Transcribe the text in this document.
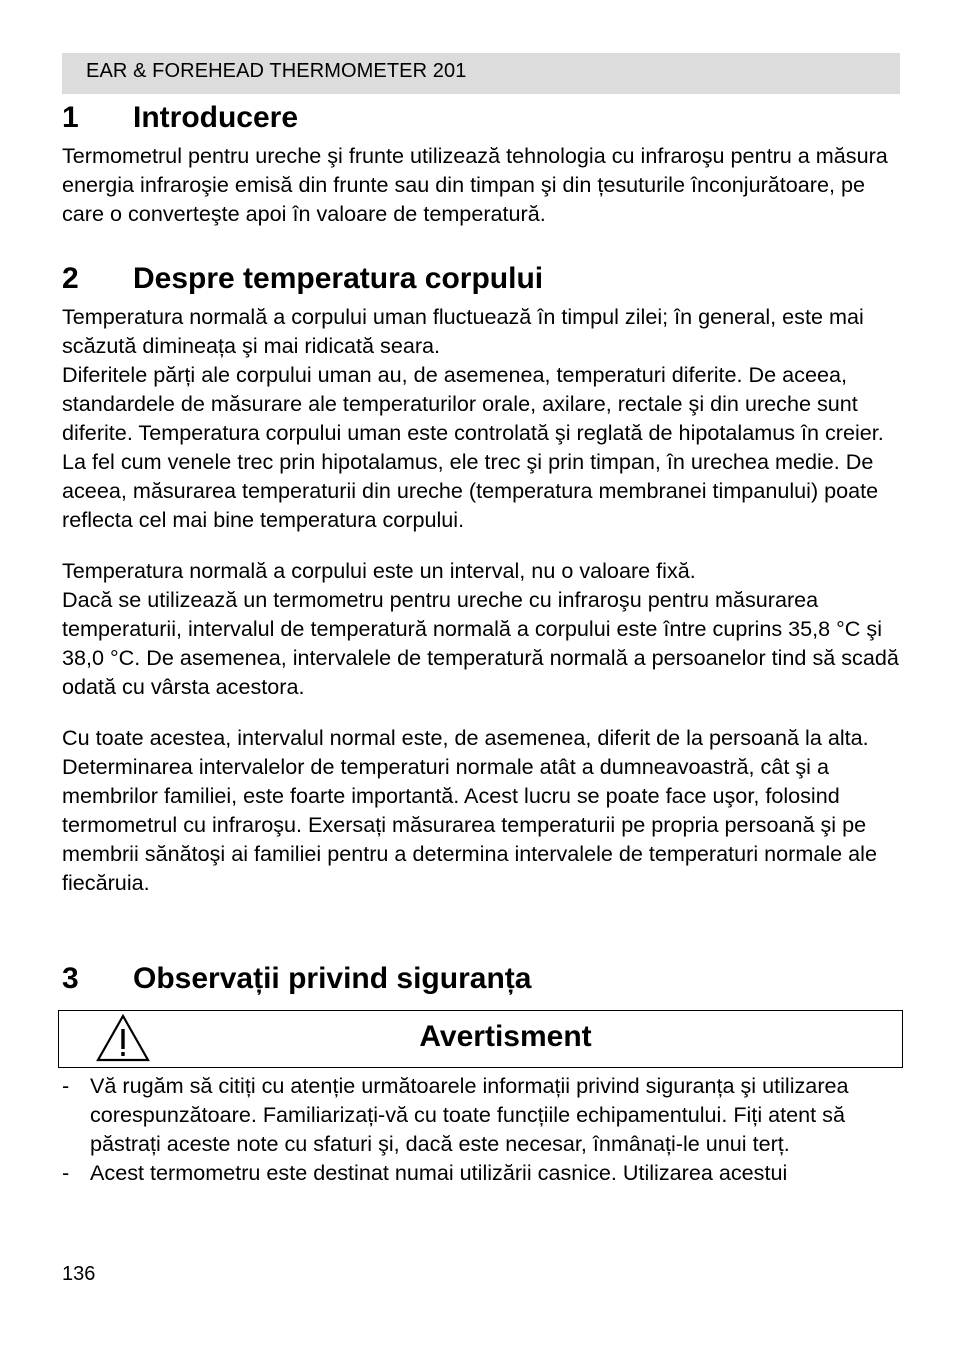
EAR & FOREHEAD THERMOMETER 201
1	Introducere

Termometrul pentru ureche şi frunte utilizează tehnologia cu infraroşu pentru a măsura energia infraroşie emisă din frunte sau din timpan şi din țesuturile înconjurătoare, pe care o converteşte apoi în valoare de temperatură.

2	Despre temperatura corpului

Temperatura normală a corpului uman fluctuează în timpul zilei; în general, este mai scăzută dimineața şi mai ridicată seara.

Diferitele părți ale corpului uman au, de asemenea, temperaturi diferite. De aceea, standardele de măsurare ale temperaturilor orale, axilare, rectale şi din ureche sunt diferite. Temperatura corpului uman este controlată şi reglată de hipotalamus în creier. La fel cum venele trec prin hipotalamus, ele trec şi prin timpan, în urechea medie. De aceea, măsurarea temperaturii din ureche (temperatura membranei timpanului) poate reflecta cel mai bine temperatura corpului.

Temperatura normală a corpului este un interval, nu o valoare fixă.

Dacă se utilizează un termometru pentru ureche cu infraroşu pentru măsurarea temperaturii, intervalul de temperatură normală a corpului este între cuprins 35,8 °C şi 38,0 °C. De asemenea, intervalele de temperatură normală a persoanelor tind să scadă odată cu vârsta acestora.

Cu toate acestea, intervalul normal este, de asemenea, diferit de la persoană la alta. Determinarea intervalelor de temperaturi normale atât a dumneavoastră, cât şi a membrilor familiei, este foarte importantă. Acest lucru se poate face uşor, folosind termometrul cu infraroşu. Exersați măsurarea temperaturii pe propria persoană şi pe membrii sănătoşi ai familiei pentru a determina intervalele de temperaturi normale ale fiecăruia.

3	Observații privind siguranța
Avertisment
- Vă rugăm să citiți cu atenție următoarele informații privind siguranța şi utilizarea corespunzătoare. Familiarizați-vă cu toate funcțiile echipamentului. Fiți atent să păstrați aceste note cu sfaturi şi, dacă este necesar, înmânați-le unui terț.
- Acest termometru este destinat numai utilizării casnice. Utilizarea acestui
136
